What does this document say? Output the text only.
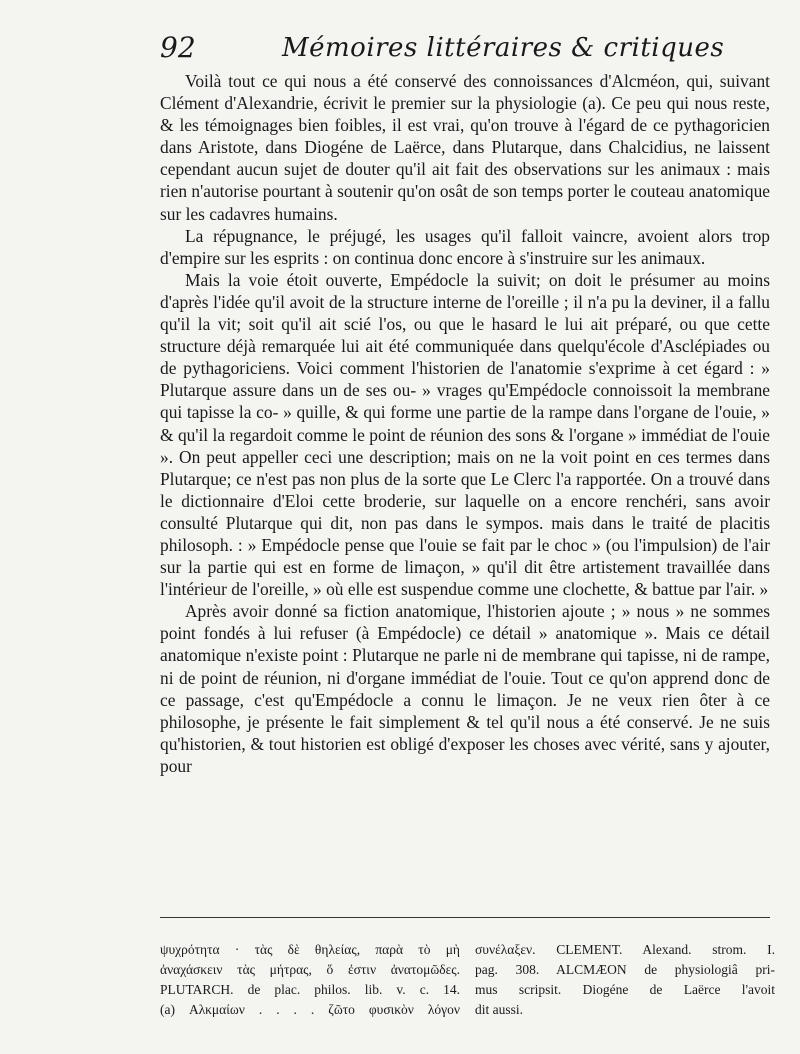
92	Mémoires littéraires & critiques

Voilà tout ce qui nous a été conservé des connoissances d'Alcméon, qui, suivant Clément d'Alexandrie, écrivit le premier sur la physiologie (a). Ce peu qui nous reste, & les témoignages bien foibles, il est vrai, qu'on trouve à l'égard de ce pythagoricien dans Aristote, dans Diogéne de Laërce, dans Plutarque, dans Chalcidius, ne laissent cependant aucun sujet de douter qu'il ait fait des observations sur les animaux : mais rien n'autorise pourtant à soutenir qu'on osât de son temps porter le couteau anatomique sur les cadavres humains.

La répugnance, le préjugé, les usages qu'il falloit vaincre, avoient alors trop d'empire sur les esprits : on continua donc encore à s'instruire sur les animaux.

Mais la voie étoit ouverte, Empédocle la suivit; on doit le présumer au moins d'après l'idée qu'il avoit de la structure interne de l'oreille ; il n'a pu la deviner, il a fallu qu'il la vit; soit qu'il ait scié l'os, ou que le hasard le lui ait préparé, ou que cette structure déjà remarquée lui ait été communiquée dans quelqu'école d'Asclépiades ou de pythagoriciens. Voici comment l'historien de l'anatomie s'exprime à cet égard : » Plutarque assure dans un de ses ou- » vrages qu'Empédocle connoissoit la membrane qui tapisse la co- » quille, & qui forme une partie de la rampe dans l'organe de l'ouie, » & qu'il la regardoit comme le point de réunion des sons & l'organe » immédiat de l'ouie ». On peut appeller ceci une description; mais on ne la voit point en ces termes dans Plutarque; ce n'est pas non plus de la sorte que Le Clerc l'a rapportée. On a trouvé dans le dictionnaire d'Eloi cette broderie, sur laquelle on a encore renchéri, sans avoir consulté Plutarque qui dit, non pas dans le sympos. mais dans le traité de placitis philosoph. : » Empédocle pense que l'ouie se fait par le choc » (ou l'impulsion) de l'air sur la partie qui est en forme de limaçon, » qu'il dit être artistement travaillée dans l'intérieur de l'oreille, » où elle est suspendue comme une clochette, & battue par l'air. »

Après avoir donné sa fiction anatomique, l'historien ajoute ; » nous » ne sommes point fondés à lui refuser (à Empédocle) ce détail » anatomique ». Mais ce détail anatomique n'existe point : Plutarque ne parle ni de membrane qui tapisse, ni de rampe, ni de point de réunion, ni d'organe immédiat de l'ouie. Tout ce qu'on apprend donc de ce passage, c'est qu'Empédocle a connu le limaçon. Je ne veux rien ôter à ce philosophe, je présente le fait simplement & tel qu'il nous a été conservé. Je ne suis qu'historien, & tout historien est obligé d'exposer les choses avec vérité, sans y ajouter, pour

ψυχρότητα · τὰς δὲ θηλείας, παρὰ τὸ μὴ
ἀναχάσκειν τὰς μήτρας, ὅ ἐστιν ἀνατομῶδες.
PLUTARCH. de plac. philos. lib. v. c. 14.
(a) Αλκμαίων . . . . ζῶτο φυσικὸν λόγον
συνέλαξεν. CLEMENT. Alexand. strom. I.
pag. 308. ALCMÆON de physiologiâ pri-
mus scripsit. Diogéne de Laërce l'avoit
dit aussi.
